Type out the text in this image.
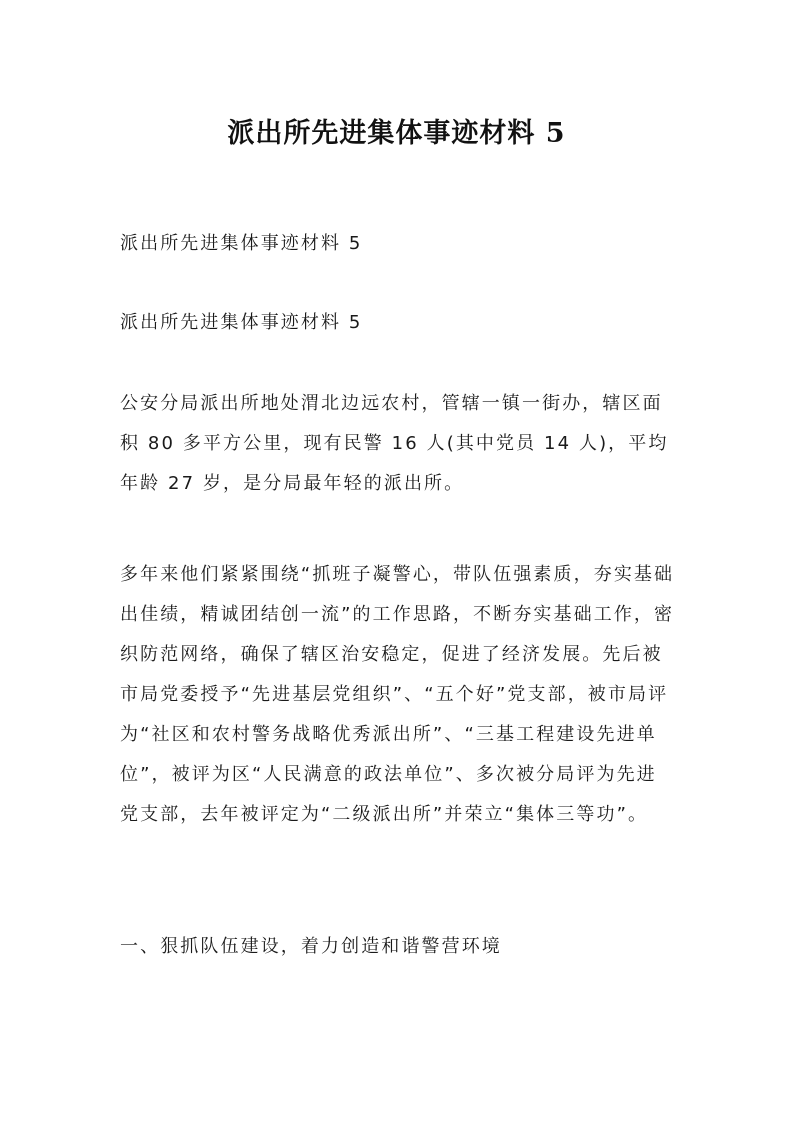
派出所先进集体事迹材料 5

派出所先进集体事迹材料 5

派出所先进集体事迹材料 5

公安分局派出所地处渭北边远农村，管辖一镇一街办，辖区面积 80 多平方公里，现有民警 16 人(其中党员 14 人)，平均年龄 27 岁，是分局最年轻的派出所。

多年来他们紧紧围绕“抓班子凝警心，带队伍强素质，夯实基础出佳绩，精诚团结创一流”的工作思路，不断夯实基础工作，密织防范网络，确保了辖区治安稳定，促进了经济发展。先后被市局党委授予“先进基层党组织”、“五个好”党支部，被市局评为“社区和农村警务战略优秀派出所”、“三基工程建设先进单位”，被评为区“人民满意的政法单位”、多次被分局评为先进党支部，去年被评定为“二级派出所”并荣立“集体三等功”。

一、狠抓队伍建设，着力创造和谐警营环境
